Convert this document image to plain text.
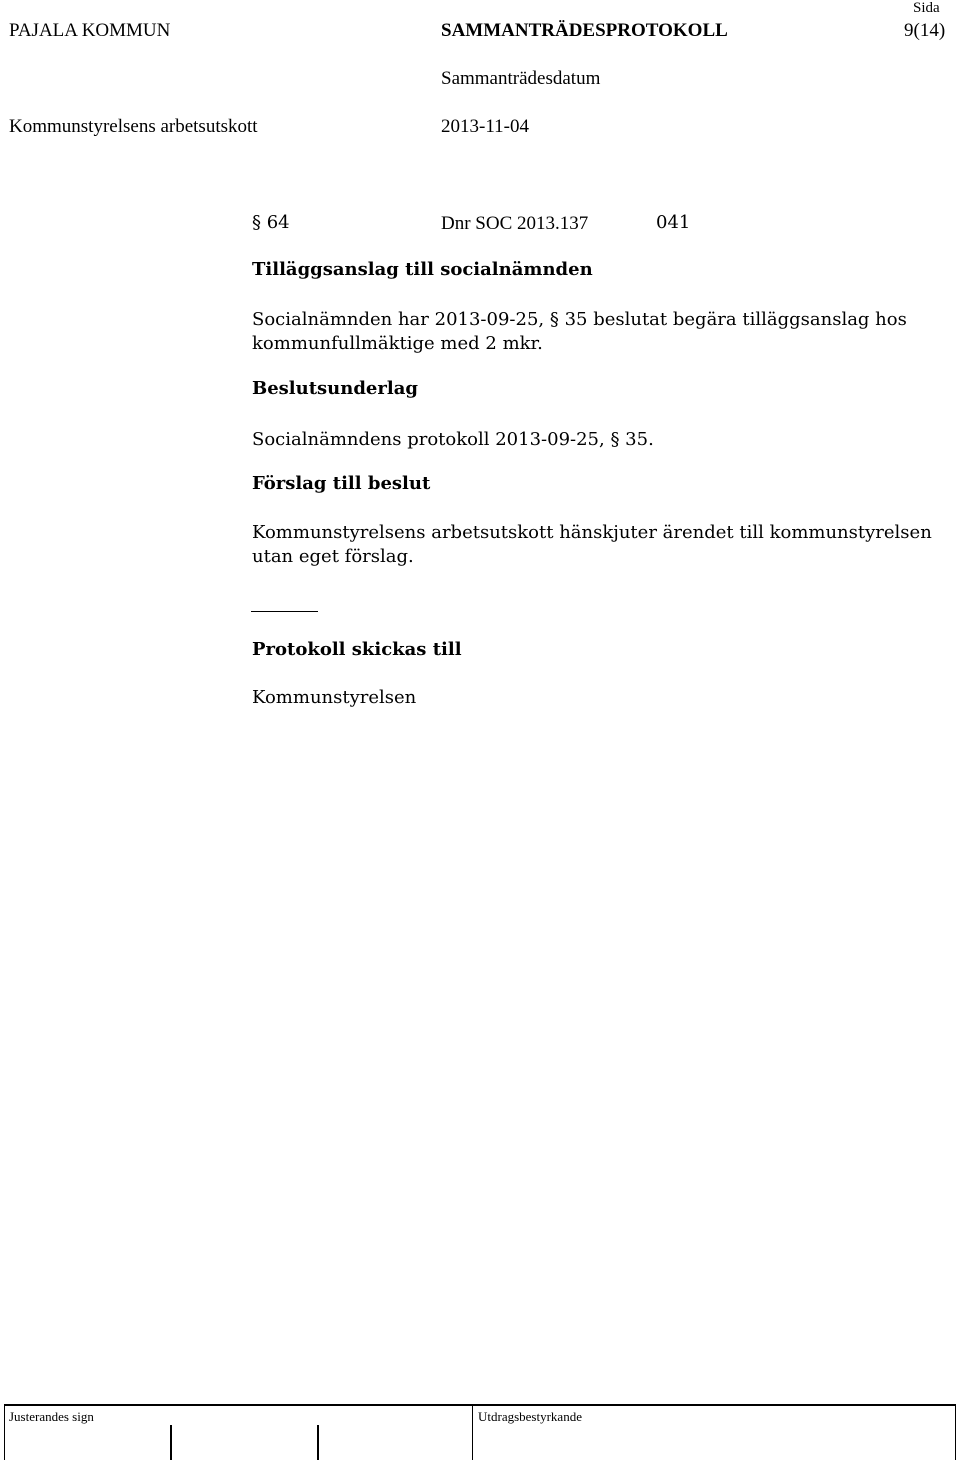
PAJALA KOMMUN	SAMMANTRÄDESPROTOKOLL
Sida
9(14)
Sammanträdesdatum
Kommunstyrelsens arbetsutskott	2013-11-04
§ 64	Dnr SOC 2013.137	041
Tilläggsanslag till socialnämnden
Socialnämnden har 2013-09-25, § 35 beslutat begära tilläggsanslag hos kommunfullmäktige med 2 mkr.
Beslutsunderlag
Socialnämndens protokoll 2013-09-25, § 35.
Förslag till beslut
Kommunstyrelsens arbetsutskott hänskjuter ärendet till kommunstyrelsen utan eget förslag.
Protokoll skickas till
Kommunstyrelsen
Justerandes sign	Utdragsbestyrkande
